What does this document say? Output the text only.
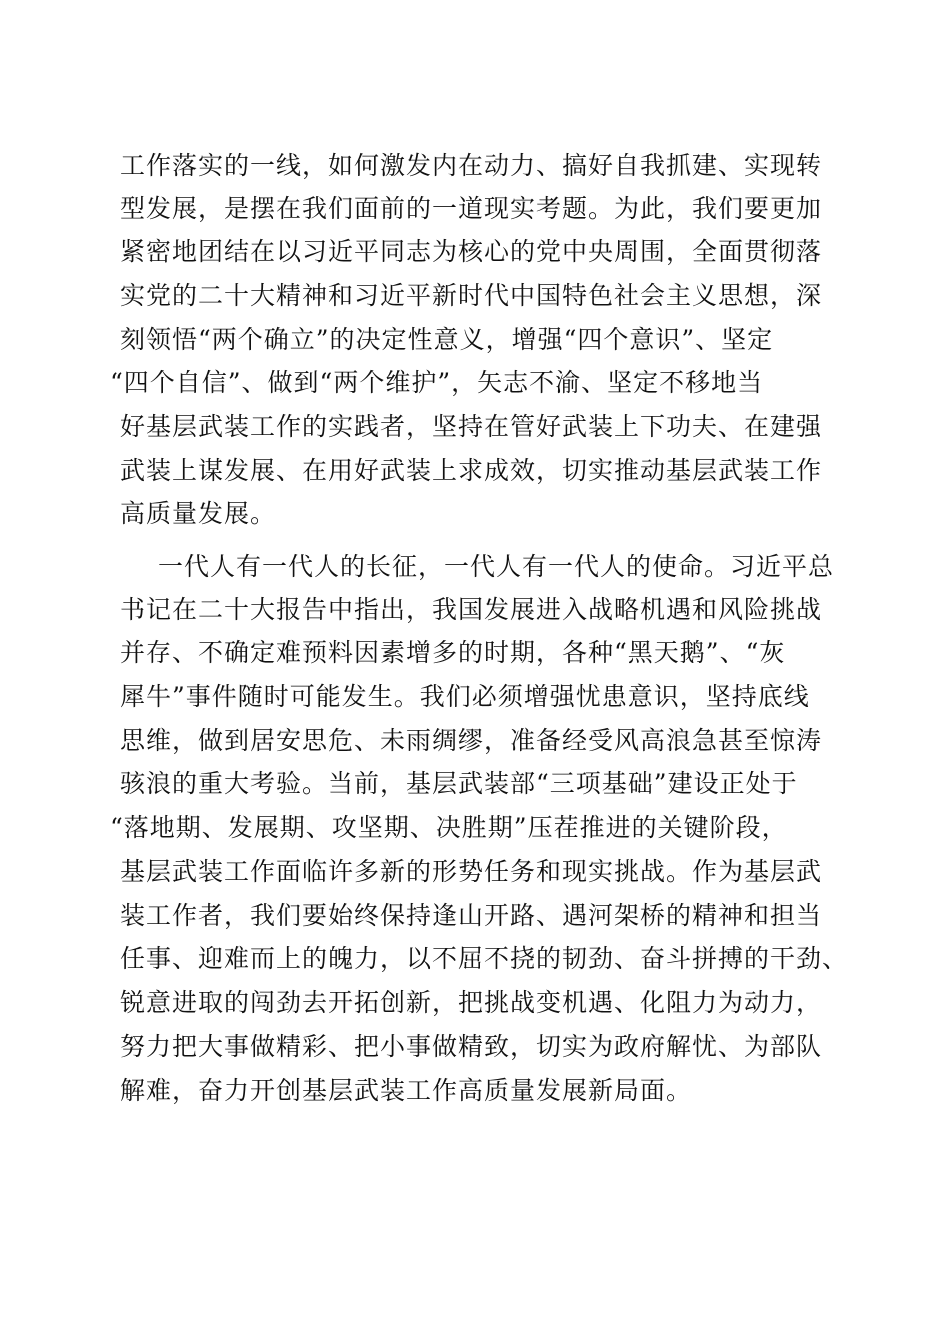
工作落实的一线，如何激发内在动力、搞好自我抓建、实现转
型发展，是摆在我们面前的一道现实考题。为此，我们要更加
紧密地团结在以习近平同志为核心的党中央周围，全面贯彻落
实党的二十大精神和习近平新时代中国特色社会主义思想，深
刻领悟“两个确立”的决定性意义，增强“四个意识”、坚定
“四个自信”、做到“两个维护”，矢志不渝、坚定不移地当
好基层武装工作的实践者，坚持在管好武装上下功夫、在建强
武装上谋发展、在用好武装上求成效，切实推动基层武装工作
高质量发展。
一代人有一代人的长征，一代人有一代人的使命。习近平总
书记在二十大报告中指出，我国发展进入战略机遇和风险挑战
并存、不确定难预料因素增多的时期，各种“黑天鹅”、“灰
犀牛”事件随时可能发生。我们必须增强忧患意识，坚持底线
思维，做到居安思危、未雨绸缪，准备经受风高浪急甚至惊涛
骇浪的重大考验。当前，基层武装部“三项基础”建设正处于
“落地期、发展期、攻坚期、决胜期”压茬推进的关键阶段，
基层武装工作面临许多新的形势任务和现实挑战。作为基层武
装工作者，我们要始终保持逢山开路、遇河架桥的精神和担当
任事、迎难而上的魄力，以不屈不挠的韧劲、奋斗拼搏的干劲、
锐意进取的闯劲去开拓创新，把挑战变机遇、化阻力为动力，
努力把大事做精彩、把小事做精致，切实为政府解忧、为部队
解难，奋力开创基层武装工作高质量发展新局面。
